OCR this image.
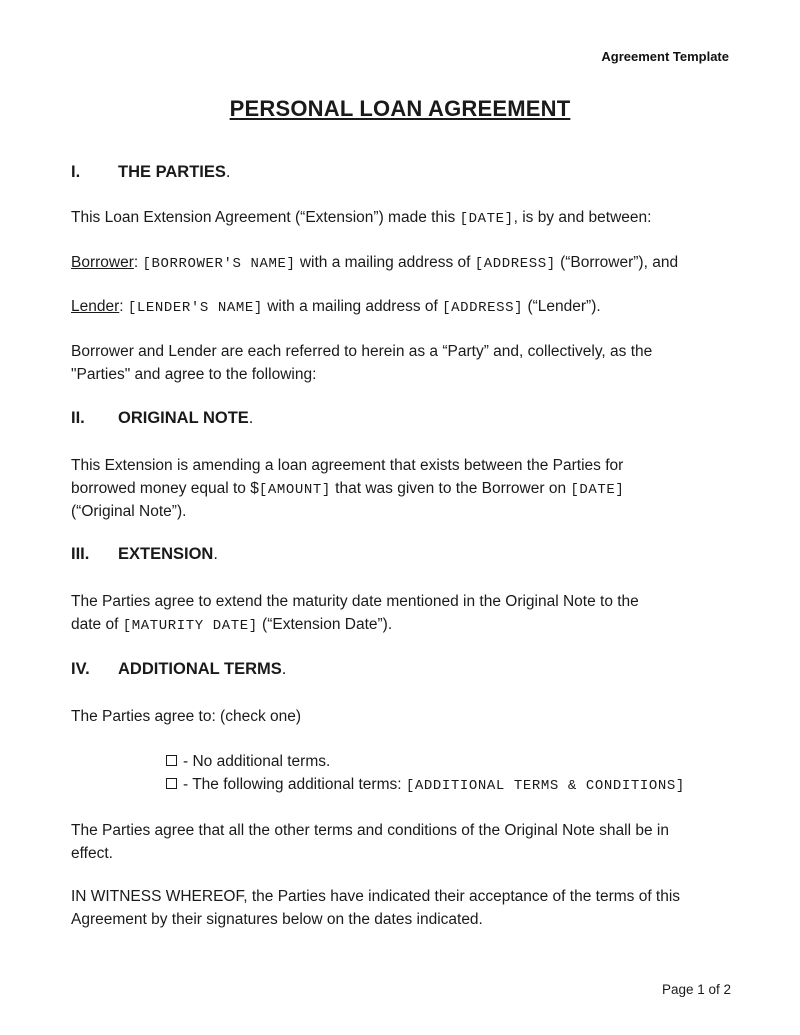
Agreement Template
PERSONAL LOAN AGREEMENT
I. THE PARTIES.
This Loan Extension Agreement (“Extension”) made this [DATE], is by and between:
Borrower: [BORROWER'S NAME] with a mailing address of [ADDRESS] (“Borrower”), and
Lender: [LENDER'S NAME] with a mailing address of [ADDRESS] (“Lender”).
Borrower and Lender are each referred to herein as a “Party” and, collectively, as the
"Parties" and agree to the following:
II. ORIGINAL NOTE.
This Extension is amending a loan agreement that exists between the Parties for
borrowed money equal to $[AMOUNT] that was given to the Borrower on [DATE]
(“Original Note”).
III. EXTENSION.
The Parties agree to extend the maturity date mentioned in the Original Note to the
date of [MATURITY DATE] (“Extension Date”).
IV. ADDITIONAL TERMS.
The Parties agree to: (check one)
- No additional terms.
- The following additional terms: [ADDITIONAL TERMS & CONDITIONS]
The Parties agree that all the other terms and conditions of the Original Note shall be in
effect.
IN WITNESS WHEREOF, the Parties have indicated their acceptance of the terms of this
Agreement by their signatures below on the dates indicated.
Page 1 of 2
